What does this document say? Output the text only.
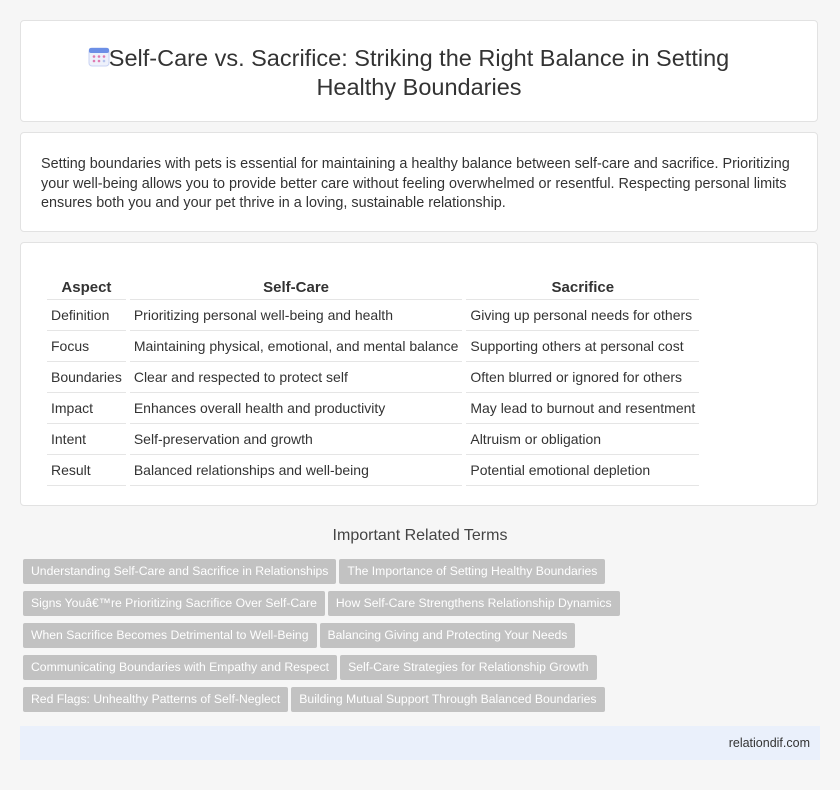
Self-Care vs. Sacrifice: Striking the Right Balance in Setting Healthy Boundaries

Setting boundaries with pets is essential for maintaining a healthy balance between self-care and sacrifice. Prioritizing your well-being allows you to provide better care without feeling overwhelmed or resentful. Respecting personal limits ensures both you and your pet thrive in a loving, sustainable relationship.

Aspect	Self-Care	Sacrifice
Definition	Prioritizing personal well-being and health	Giving up personal needs for others
Focus	Maintaining physical, emotional, and mental balance	Supporting others at personal cost
Boundaries	Clear and respected to protect self	Often blurred or ignored for others
Impact	Enhances overall health and productivity	May lead to burnout and resentment
Intent	Self-preservation and growth	Altruism or obligation
Result	Balanced relationships and well-being	Potential emotional depletion
Important Related Terms
Understanding Self-Care and Sacrifice in Relationships The Importance of Setting Healthy Boundaries
Signs Youâ€™re Prioritizing Sacrifice Over Self-Care How Self-Care Strengthens Relationship Dynamics
When Sacrifice Becomes Detrimental to Well-Being Balancing Giving and Protecting Your Needs
Communicating Boundaries with Empathy and Respect Self-Care Strategies for Relationship Growth
Red Flags: Unhealthy Patterns of Self-Neglect Building Mutual Support Through Balanced Boundaries
relationdif.com
